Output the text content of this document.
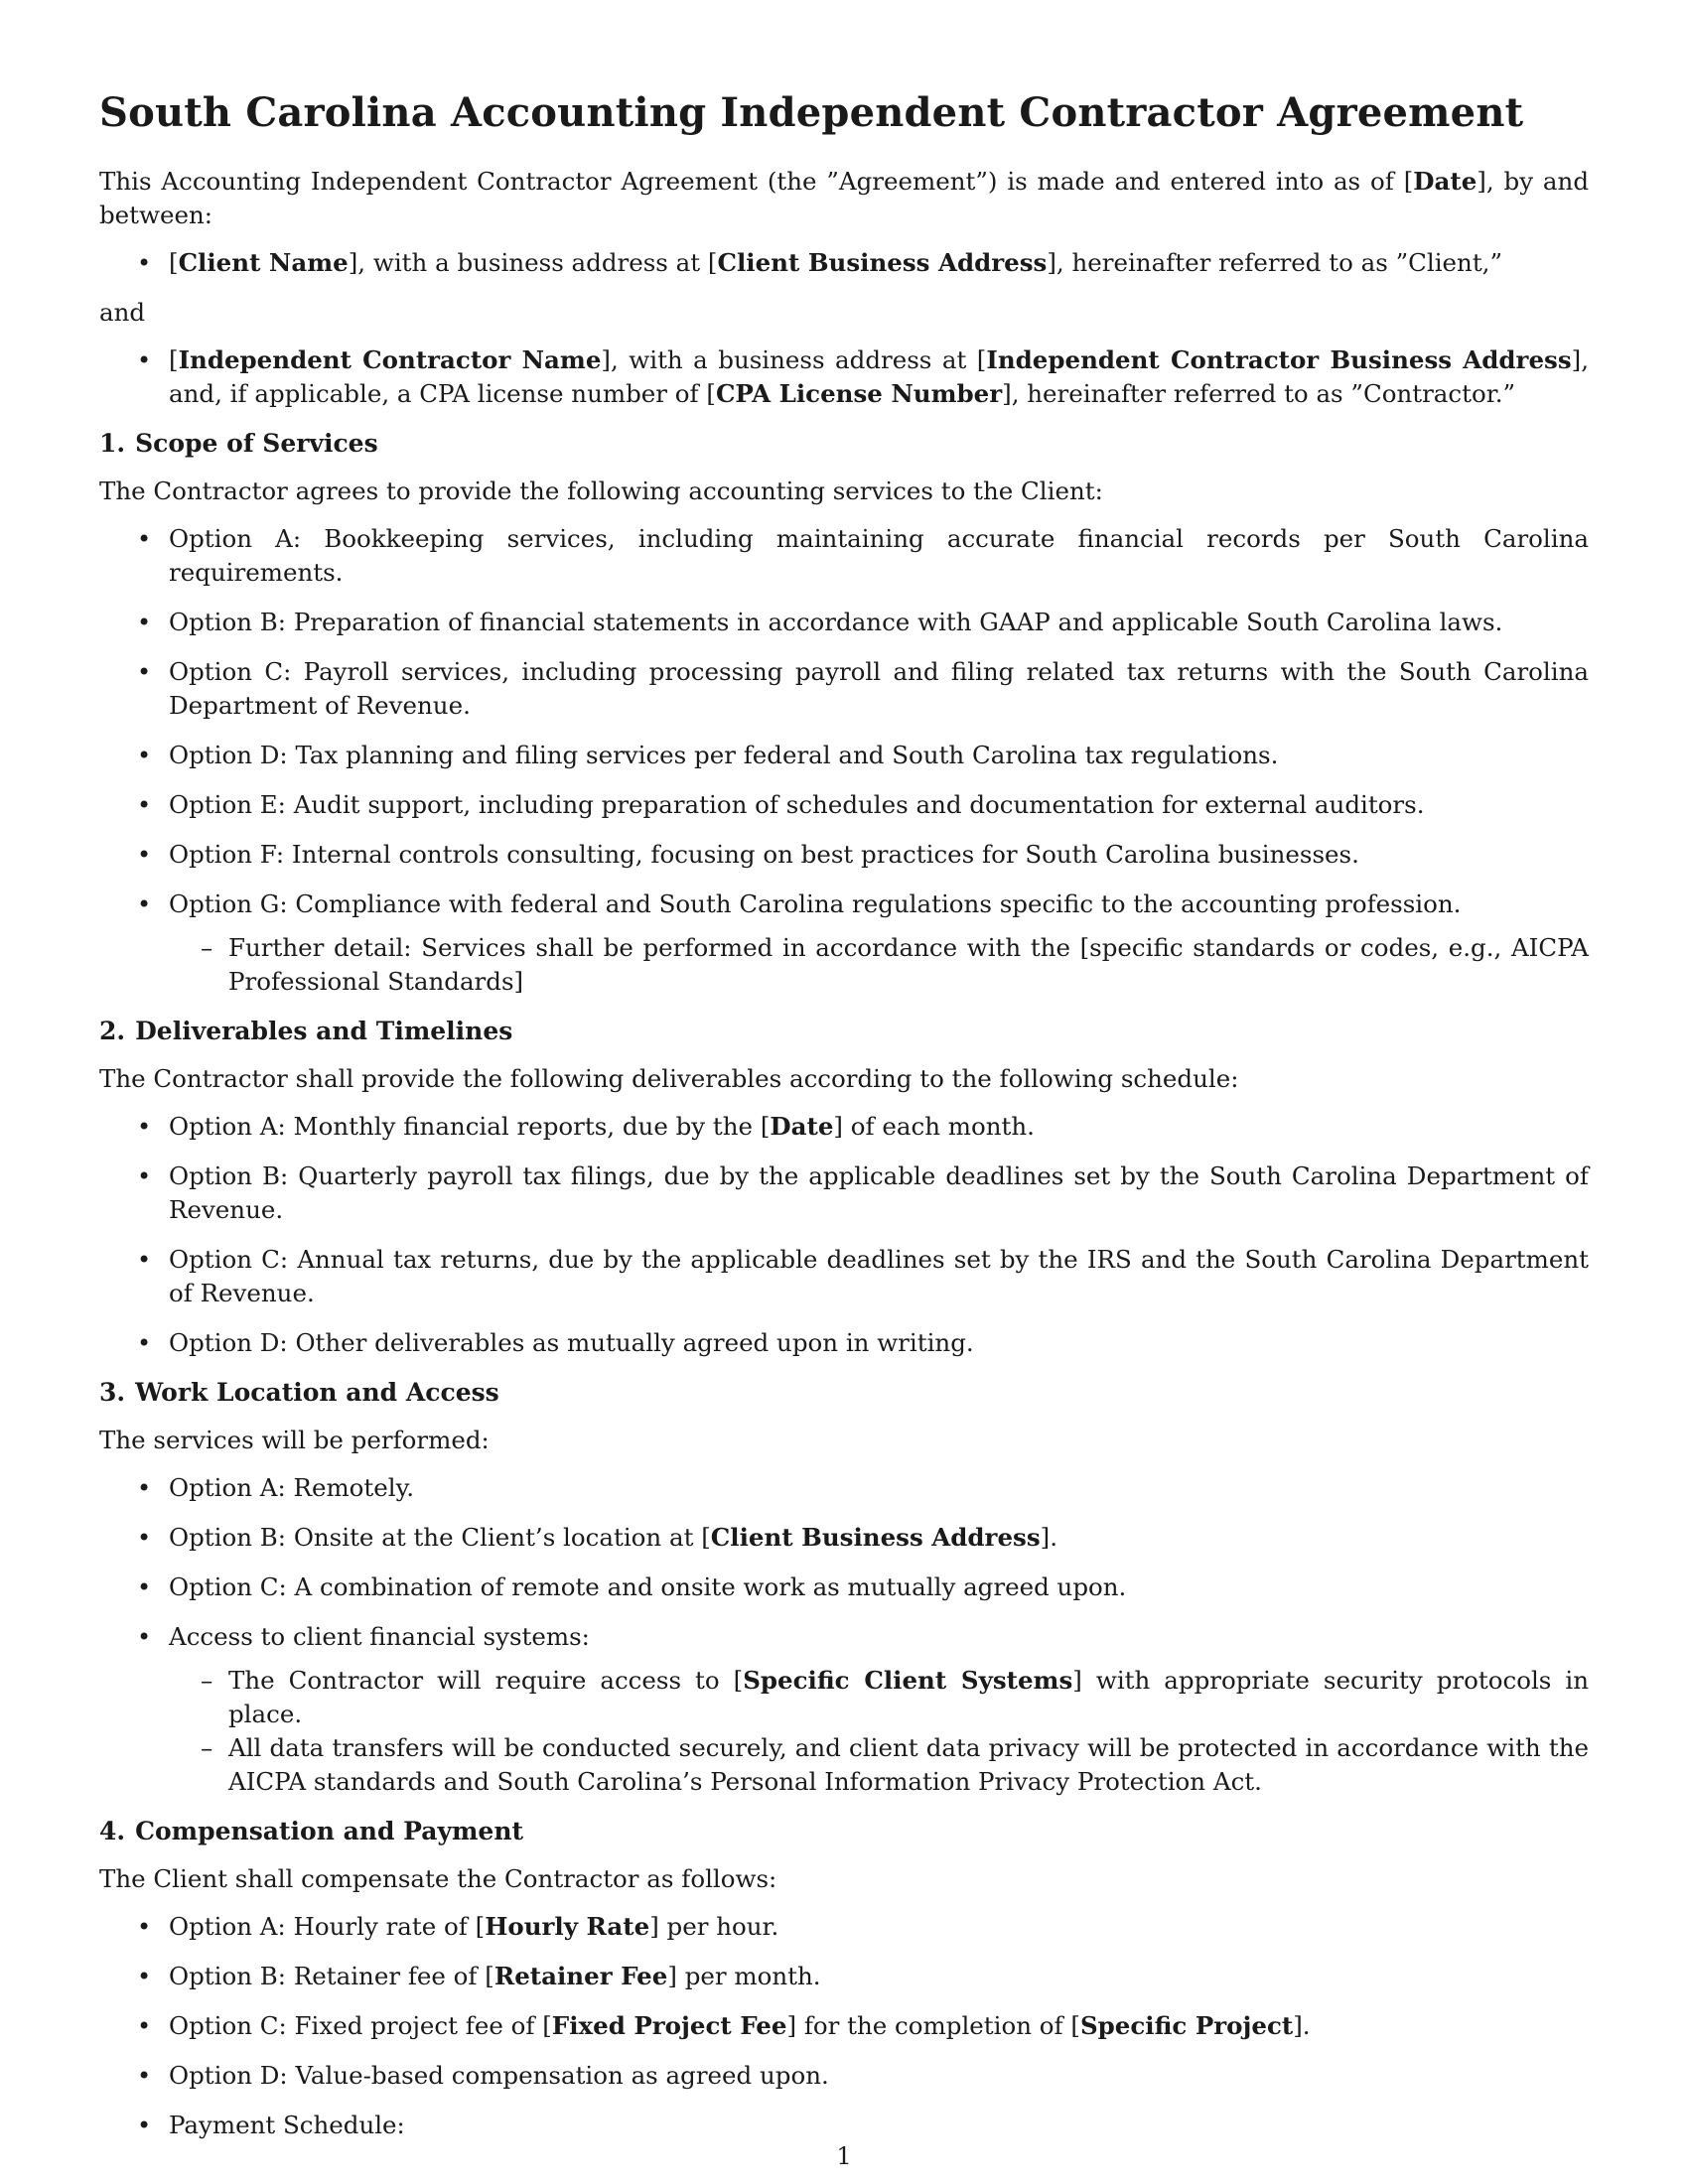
South Carolina Accounting Independent Contractor Agreement

This Accounting Independent Contractor Agreement (the ”Agreement”) is made and entered into as of [Date], by and between:

• [Client Name], with a business address at [Client Business Address], hereinafter referred to as ”Client,”

and

• [Independent Contractor Name], with a business address at [Independent Contractor Business Address], and, if applicable, a CPA license number of [CPA License Number], hereinafter referred to as ”Contractor.”
1. Scope of Services

The Contractor agrees to provide the following accounting services to the Client:

• Option A: Bookkeeping services, including maintaining accurate financial records per South Carolina requirements.
• Option B: Preparation of financial statements in accordance with GAAP and applicable South Carolina laws.
• Option C: Payroll services, including processing payroll and filing related tax returns with the South Carolina Department of Revenue.
• Option D: Tax planning and filing services per federal and South Carolina tax regulations.
• Option E: Audit support, including preparation of schedules and documentation for external auditors.
• Option F: Internal controls consulting, focusing on best practices for South Carolina businesses.
• Option G: Compliance with federal and South Carolina regulations specific to the accounting profession.
– Further detail: Services shall be performed in accordance with the [specific standards or codes, e.g., AICPA Professional Standards]
2. Deliverables and Timelines

The Contractor shall provide the following deliverables according to the following schedule:

• Option A: Monthly financial reports, due by the [Date] of each month.
• Option B: Quarterly payroll tax filings, due by the applicable deadlines set by the South Carolina Department of Revenue.
• Option C: Annual tax returns, due by the applicable deadlines set by the IRS and the South Carolina Department of Revenue.
• Option D: Other deliverables as mutually agreed upon in writing.
3. Work Location and Access

The services will be performed:

• Option A: Remotely.
• Option B: Onsite at the Client’s location at [Client Business Address].
• Option C: A combination of remote and onsite work as mutually agreed upon.
• Access to client financial systems:
– The Contractor will require access to [Specific Client Systems] with appropriate security protocols in place.
– All data transfers will be conducted securely, and client data privacy will be protected in accordance with the AICPA standards and South Carolina’s Personal Information Privacy Protection Act.
4. Compensation and Payment

The Client shall compensate the Contractor as follows:

• Option A: Hourly rate of [Hourly Rate] per hour.
• Option B: Retainer fee of [Retainer Fee] per month.
• Option C: Fixed project fee of [Fixed Project Fee] for the completion of [Specific Project].
• Option D: Value-based compensation as agreed upon.
• Payment Schedule:
1
